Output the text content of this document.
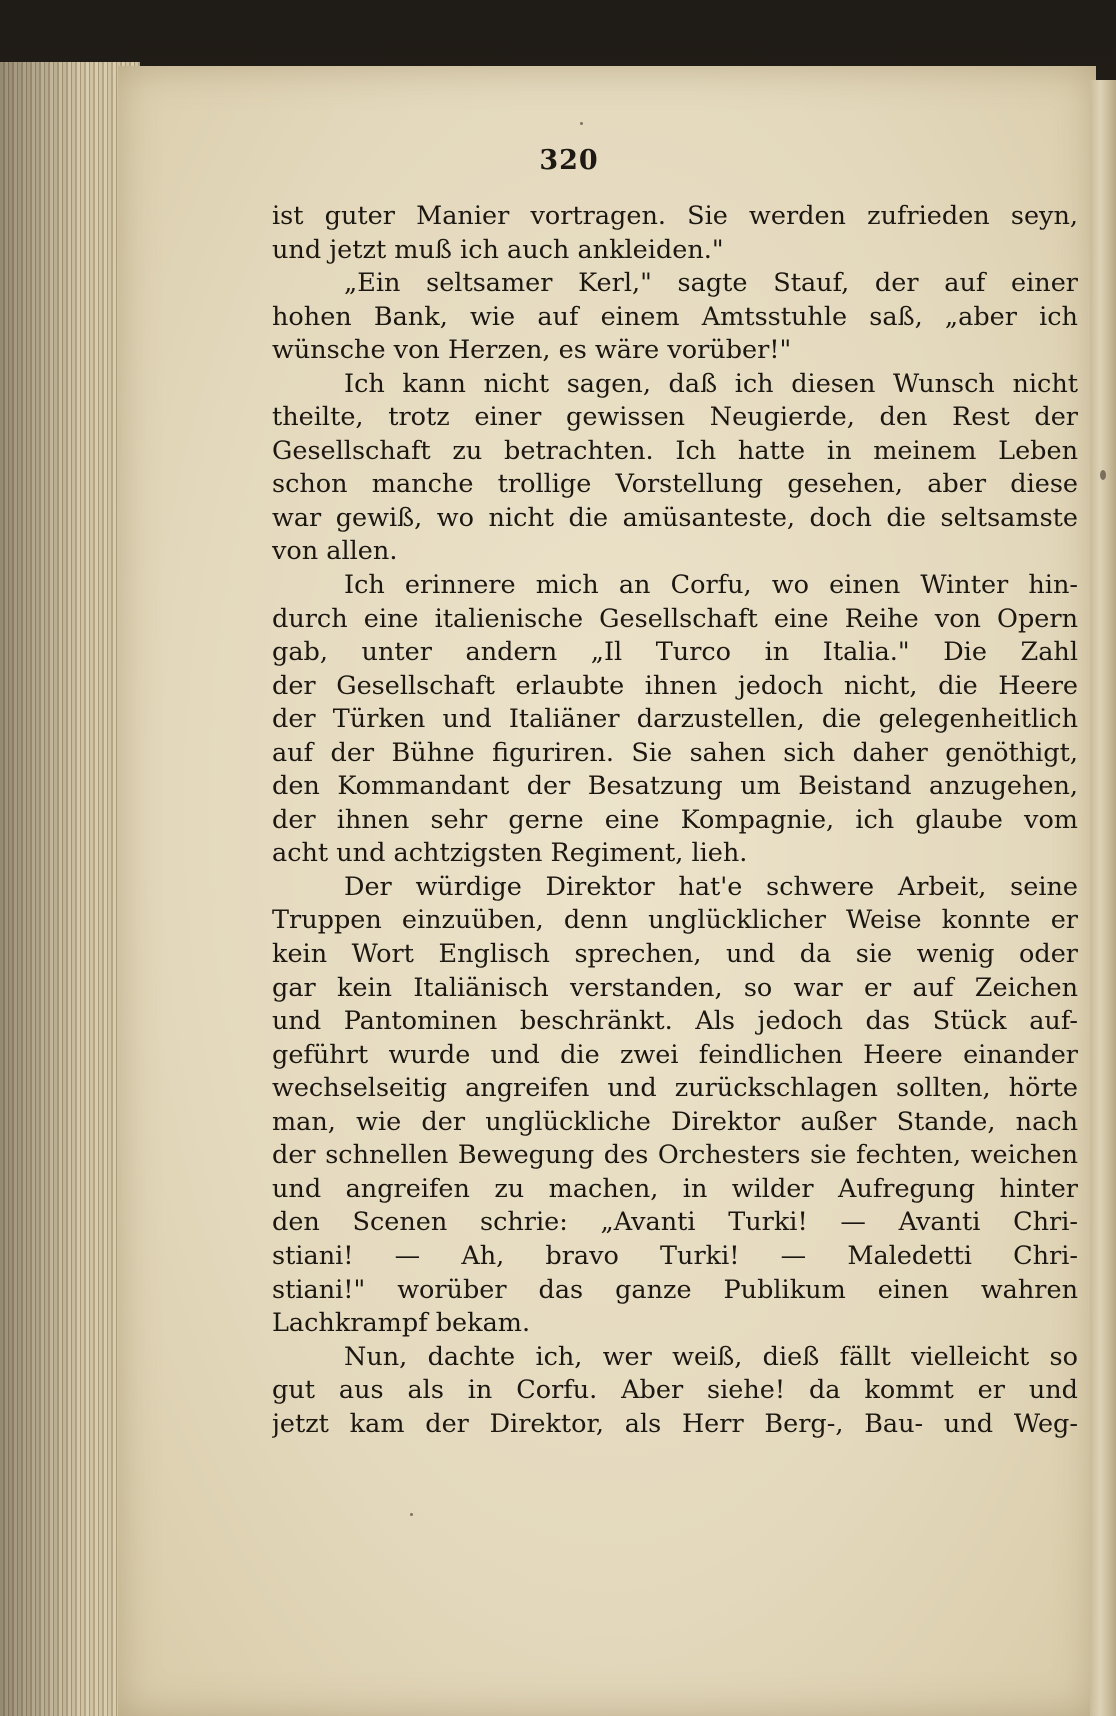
320
ist guter Manier vortragen. Sie werden zufrieden seyn,
und jetzt muß ich auch ankleiden."
„Ein seltsamer Kerl," sagte Stauf, der auf einer
hohen Bank, wie auf einem Amtsstuhle saß, „aber ich
wünsche von Herzen, es wäre vorüber!"
Ich kann nicht sagen, daß ich diesen Wunsch nicht
theilte, trotz einer gewissen Neugierde, den Rest der
Gesellschaft zu betrachten. Ich hatte in meinem Leben
schon manche trollige Vorstellung gesehen, aber diese
war gewiß, wo nicht die amüsanteste, doch die seltsamste
von allen.
Ich erinnere mich an Corfu, wo einen Winter hin-
durch eine italienische Gesellschaft eine Reihe von Opern
gab, unter andern „Il Turco in Italia." Die Zahl
der Gesellschaft erlaubte ihnen jedoch nicht, die Heere
der Türken und Italiäner darzustellen, die gelegenheitlich
auf der Bühne figuriren. Sie sahen sich daher genöthigt,
den Kommandant der Besatzung um Beistand anzugehen,
der ihnen sehr gerne eine Kompagnie, ich glaube vom
acht und achtzigsten Regiment, lieh.
Der würdige Direktor hat'e schwere Arbeit, seine
Truppen einzuüben, denn unglücklicher Weise konnte er
kein Wort Englisch sprechen, und da sie wenig oder
gar kein Italiänisch verstanden, so war er auf Zeichen
und Pantominen beschränkt. Als jedoch das Stück auf-
geführt wurde und die zwei feindlichen Heere einander
wechselseitig angreifen und zurückschlagen sollten, hörte
man, wie der unglückliche Direktor außer Stande, nach
der schnellen Bewegung des Orchesters sie fechten, weichen
und angreifen zu machen, in wilder Aufregung hinter
den Scenen schrie: „Avanti Turki! — Avanti Chri-
stiani! — Ah, bravo Turki! — Maledetti Chri-
stiani!" worüber das ganze Publikum einen wahren
Lachkrampf bekam.
Nun, dachte ich, wer weiß, dieß fällt vielleicht so
gut aus als in Corfu. Aber siehe! da kommt er und
jetzt kam der Direktor, als Herr Berg-, Bau- und Weg-
